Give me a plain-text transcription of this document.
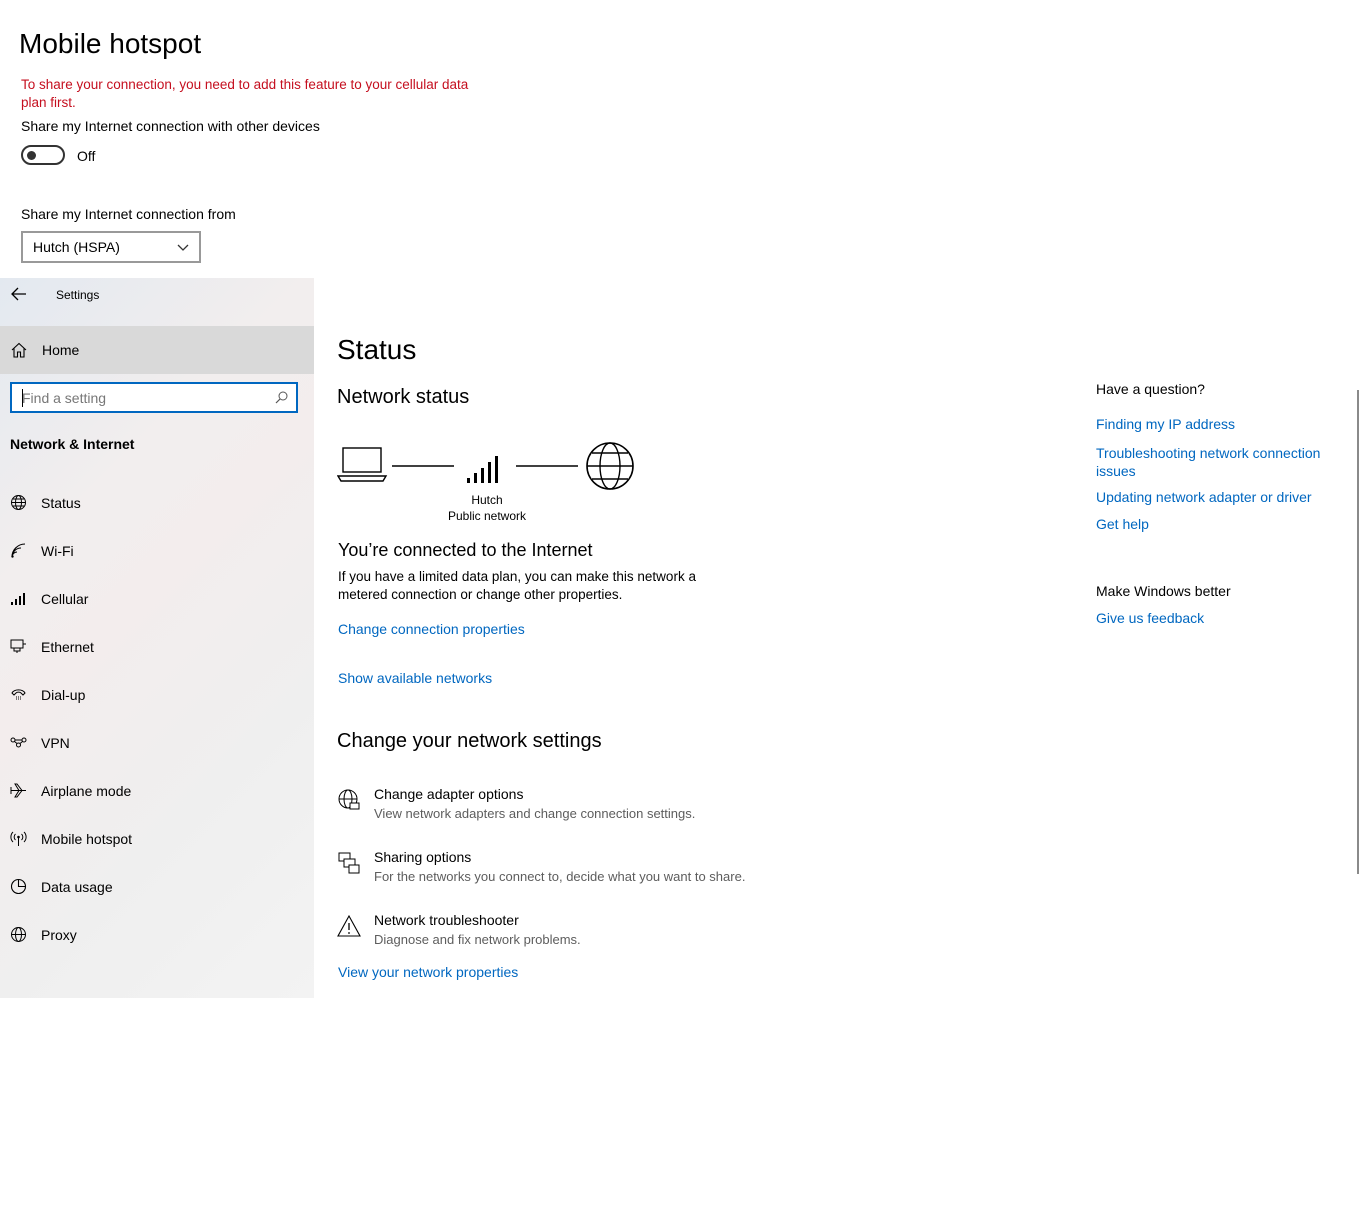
Mobile hotspot
To share your connection, you need to add this feature to your cellular data plan first.
Share my Internet connection with other devices
Off
Share my Internet connection from
Hutch (HSPA)
Settings
Home
Find a setting
Network & Internet
Status
Wi-Fi
Cellular
Ethernet
Dial-up
VPN
Airplane mode
Mobile hotspot
Data usage
Proxy
Status
Network status
Hutch
Public network
You’re connected to the Internet
If you have a limited data plan, you can make this network a metered connection or change other properties.
Change connection properties
Show available networks
Change your network settings
Change adapter options
View network adapters and change connection settings.
Sharing options
For the networks you connect to, decide what you want to share.
Network troubleshooter
Diagnose and fix network problems.
View your network properties
Have a question?
Finding my IP address
Troubleshooting network connection issues
Updating network adapter or driver
Get help
Make Windows better
Give us feedback
